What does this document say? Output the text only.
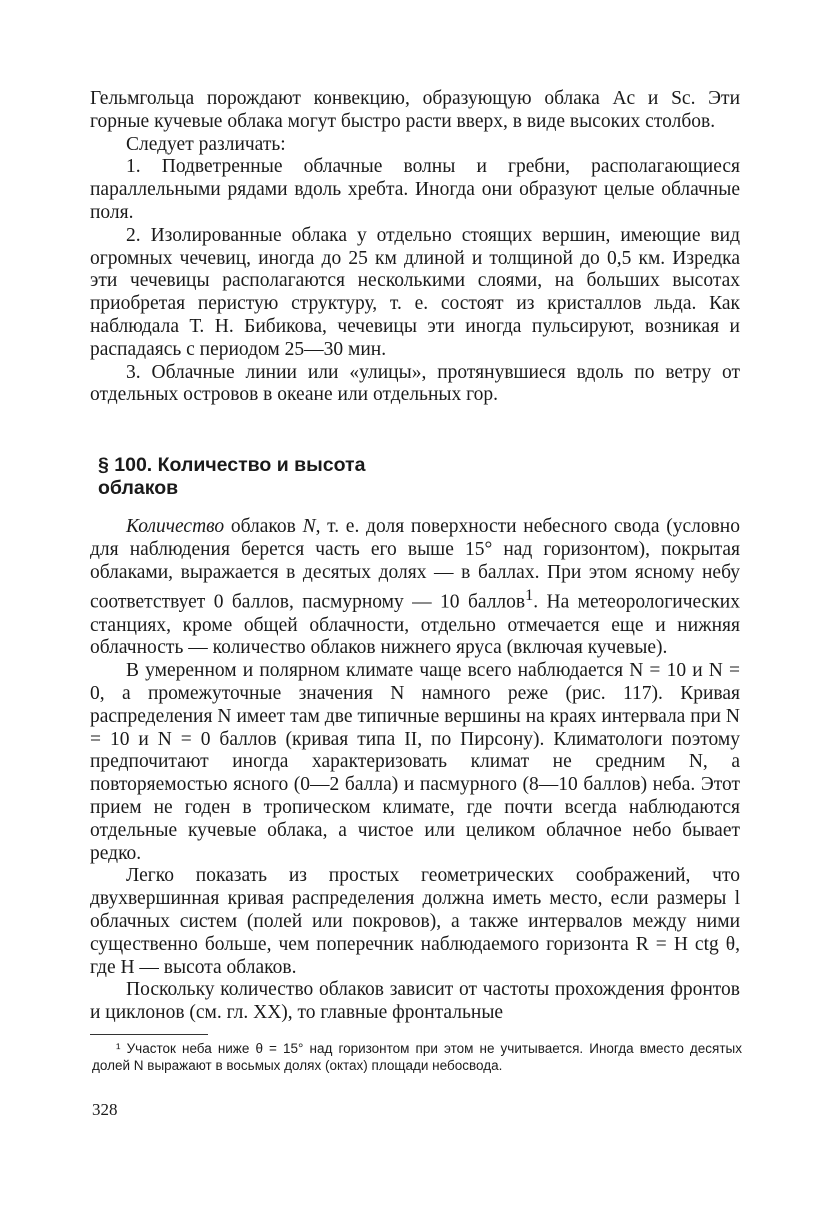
Гельмгольца порождают конвекцию, образующую облака Ac и Sc. Эти горные кучевые облака могут быстро расти вверх, в виде высоких столбов.

Следует различать:

1. Подветренные облачные волны и гребни, располагающиеся параллельными рядами вдоль хребта. Иногда они образуют целые облачные поля.

2. Изолированные облака у отдельно стоящих вершин, имеющие вид огромных чечевиц, иногда до 25 км длиной и толщиной до 0,5 км. Изредка эти чечевицы располагаются несколькими слоями, на больших высотах приобретая перистую структуру, т. е. состоят из кристаллов льда. Как наблюдала Т. Н. Бибикова, чечевицы эти иногда пульсируют, возникая и распадаясь с периодом 25—30 мин.

3. Облачные линии или «улицы», протянувшиеся вдоль по ветру от отдельных островов в океане или отдельных гор.

§ 100. Количество и высота
облаков

Количество облаков N, т. е. доля поверхности небесного свода (условно для наблюдения берется часть его выше 15° над горизонтом), покрытая облаками, выражается в десятых долях — в баллах. При этом ясному небу соответствует 0 баллов, пасмурному — 10 баллов$^1$. На метеорологических станциях, кроме общей облачности, отдельно отмечается еще и нижняя облачность — количество облаков нижнего яруса (включая кучевые).

В умеренном и полярном климате чаще всего наблюдается N = 10 и N = 0, а промежуточные значения N намного реже (рис. 117). Кривая распределения N имеет там две типичные вершины на краях интервала при N = 10 и N = 0 баллов (кривая типа II, по Пирсону). Климатологи поэтому предпочитают иногда характеризовать климат не средним N, а повторяемостью ясного (0—2 балла) и пасмурного (8—10 баллов) неба. Этот прием не годен в тропическом климате, где почти всегда наблюдаются отдельные кучевые облака, а чистое или целиком облачное небо бывает редко.

Легко показать из простых геометрических соображений, что двухвершинная кривая распределения должна иметь место, если размеры l облачных систем (полей или покровов), а также интервалов между ними существенно больше, чем поперечник наблюдаемого горизонта R = H ctg θ, где H — высота облаков.

Поскольку количество облаков зависит от частоты прохождения фронтов и циклонов (см. гл. XX), то главные фронтальные

¹ Участок неба ниже θ = 15° над горизонтом при этом не учитывается. Иногда вместо десятых долей N выражают в восьмых долях (октах) площади небосвода.

328
